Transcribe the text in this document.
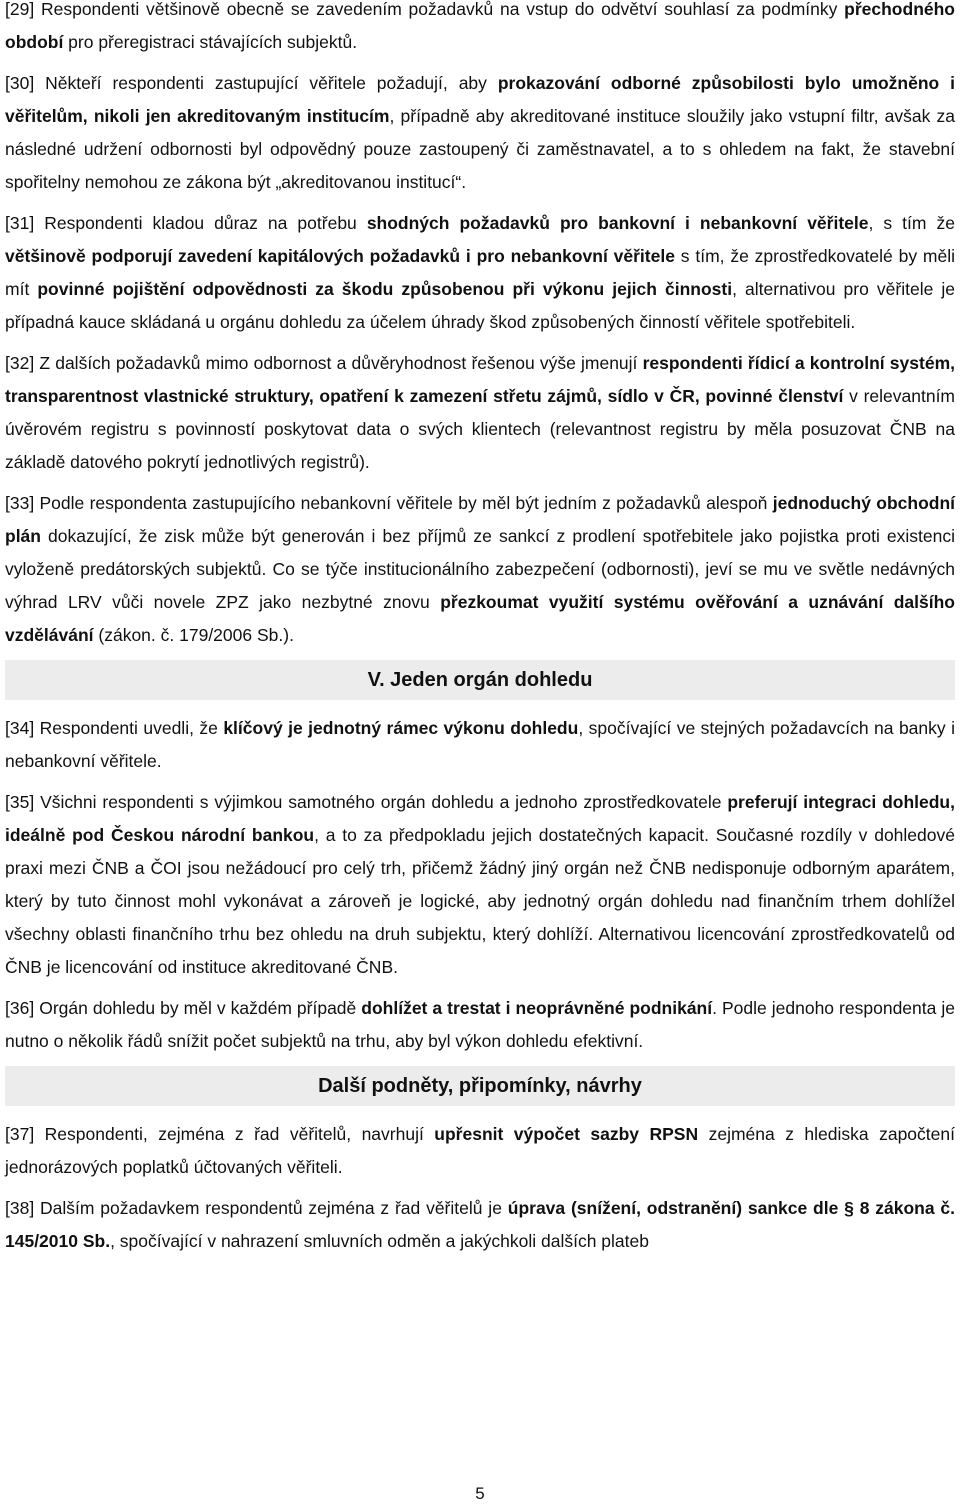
[29] Respondenti většinově obecně se zavedením požadavků na vstup do odvětví souhlasí za podmínky přechodného období pro přeregistraci stávajících subjektů.

[30] Někteří respondenti zastupující věřitele požadují, aby prokazování odborné způsobilosti bylo umožněno i věřitelům, nikoli jen akreditovaným institucím, případně aby akreditované instituce sloužily jako vstupní filtr, avšak za následné udržení odbornosti byl odpovědný pouze zastoupený či zaměstnavatel, a to s ohledem na fakt, že stavební spořitelny nemohou ze zákona být „akreditovanou institucí“.

[31] Respondenti kladou důraz na potřebu shodných požadavků pro bankovní i nebankovní věřitele, s tím že většinově podporují zavedení kapitálových požadavků i pro nebankovní věřitele s tím, že zprostředkovatelé by měli mít povinné pojištění odpovědnosti za škodu způsobenou při výkonu jejich činnosti, alternativou pro věřitele je případná kauce skládaná u orgánu dohledu za účelem úhrady škod způsobených činností věřitele spotřebiteli.

[32] Z dalších požadavků mimo odbornost a důvěryhodnost řešenou výše jmenují respondenti řídicí a kontrolní systém, transparentnost vlastnické struktury, opatření k zamezení střetu zájmů, sídlo v ČR, povinné členství v relevantním úvěrovém registru s povinností poskytovat data o svých klientech (relevantnost registru by měla posuzovat ČNB na základě datového pokrytí jednotlivých registrů).

[33] Podle respondenta zastupujícího nebankovní věřitele by měl být jedním z požadavků alespoň jednoduchý obchodní plán dokazující, že zisk může být generován i bez příjmů ze sankcí z prodlení spotřebitele jako pojistka proti existenci vyloženě predátorských subjektů. Co se týče institucionálního zabezpečení (odbornosti), jeví se mu ve světle nedávných výhrad LRV vůči novele ZPZ jako nezbytné znovu přezkoumat využití systému ověřování a uznávání dalšího vzdělávání (zákon. č. 179/2006 Sb.).

V. Jeden orgán dohledu

[34] Respondenti uvedli, že klíčový je jednotný rámec výkonu dohledu, spočívající ve stejných požadavcích na banky i nebankovní věřitele.

[35] Všichni respondenti s výjimkou samotného orgán dohledu a jednoho zprostředkovatele preferují integraci dohledu, ideálně pod Českou národní bankou, a to za předpokladu jejich dostatečných kapacit. Současné rozdíly v dohledové praxi mezi ČNB a ČOI jsou nežádoucí pro celý trh, přičemž žádný jiný orgán než ČNB nedisponuje odborným aparátem, který by tuto činnost mohl vykonávat a zároveň je logické, aby jednotný orgán dohledu nad finančním trhem dohlížel všechny oblasti finančního trhu bez ohledu na druh subjektu, který dohlíží. Alternativou licencování zprostředkovatelů od ČNB je licencování od instituce akreditované ČNB.

[36] Orgán dohledu by měl v každém případě dohlížet a trestat i neoprávněné podnikání. Podle jednoho respondenta je nutno o několik řádů snížit počet subjektů na trhu, aby byl výkon dohledu efektivní.

Další podněty, připomínky, návrhy

[37] Respondenti, zejména z řad věřitelů, navrhují upřesnit výpočet sazby RPSN zejména z hlediska započtení jednorázových poplatků účtovaných věřiteli.

[38] Dalším požadavkem respondentů zejména z řad věřitelů je úprava (snížení, odstranění) sankce dle § 8 zákona č. 145/2010 Sb., spočívající v nahrazení smluvních odměn a jakýchkoli dalších plateb

5
